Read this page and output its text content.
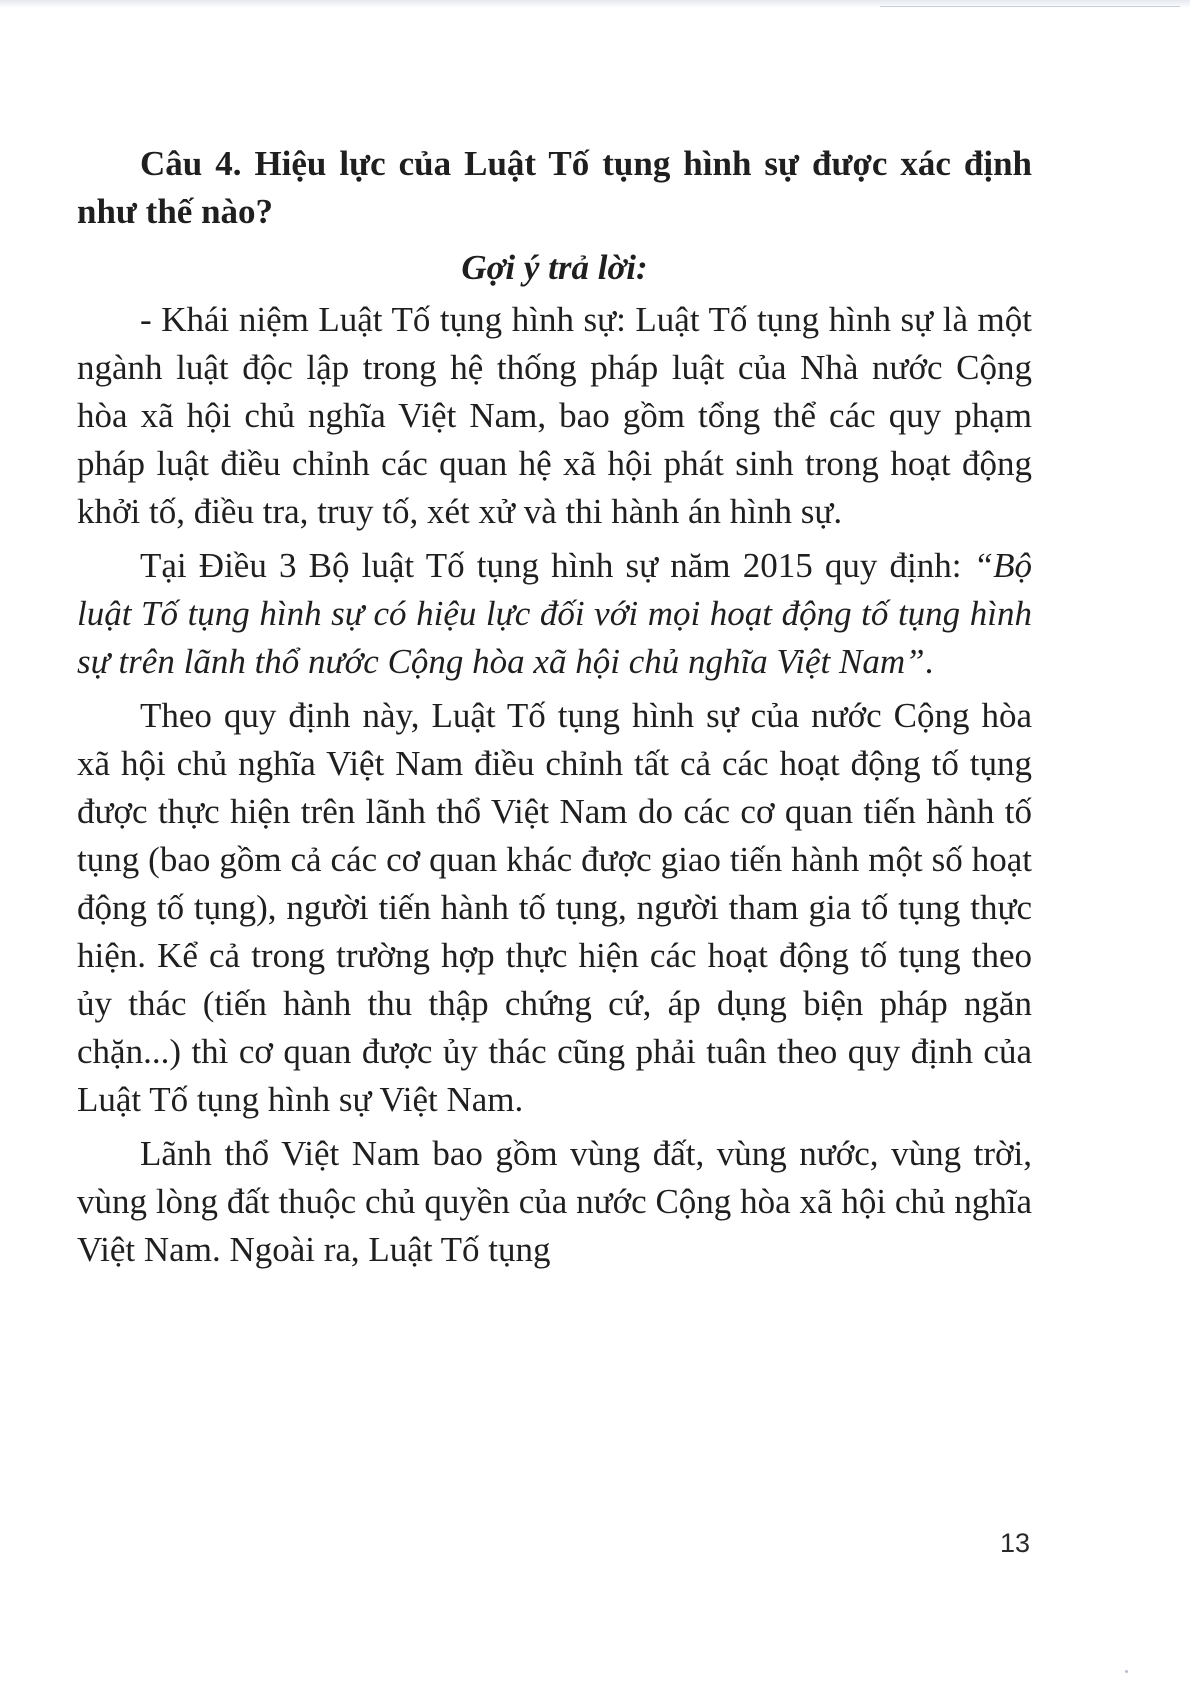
Câu 4. Hiệu lực của Luật Tố tụng hình sự được xác định như thế nào?

Gợi ý trả lời:

- Khái niệm Luật Tố tụng hình sự: Luật Tố tụng hình sự là một ngành luật độc lập trong hệ thống pháp luật của Nhà nước Cộng hòa xã hội chủ nghĩa Việt Nam, bao gồm tổng thể các quy phạm pháp luật điều chỉnh các quan hệ xã hội phát sinh trong hoạt động khởi tố, điều tra, truy tố, xét xử và thi hành án hình sự.

Tại Điều 3 Bộ luật Tố tụng hình sự năm 2015 quy định: “Bộ luật Tố tụng hình sự có hiệu lực đối với mọi hoạt động tố tụng hình sự trên lãnh thổ nước Cộng hòa xã hội chủ nghĩa Việt Nam”.

Theo quy định này, Luật Tố tụng hình sự của nước Cộng hòa xã hội chủ nghĩa Việt Nam điều chỉnh tất cả các hoạt động tố tụng được thực hiện trên lãnh thổ Việt Nam do các cơ quan tiến hành tố tụng (bao gồm cả các cơ quan khác được giao tiến hành một số hoạt động tố tụng), người tiến hành tố tụng, người tham gia tố tụng thực hiện. Kể cả trong trường hợp thực hiện các hoạt động tố tụng theo ủy thác (tiến hành thu thập chứng cứ, áp dụng biện pháp ngăn chặn...) thì cơ quan được ủy thác cũng phải tuân theo quy định của Luật Tố tụng hình sự Việt Nam.

Lãnh thổ Việt Nam bao gồm vùng đất, vùng nước, vùng trời, vùng lòng đất thuộc chủ quyền của nước Cộng hòa xã hội chủ nghĩa Việt Nam. Ngoài ra, Luật Tố tụng

13
